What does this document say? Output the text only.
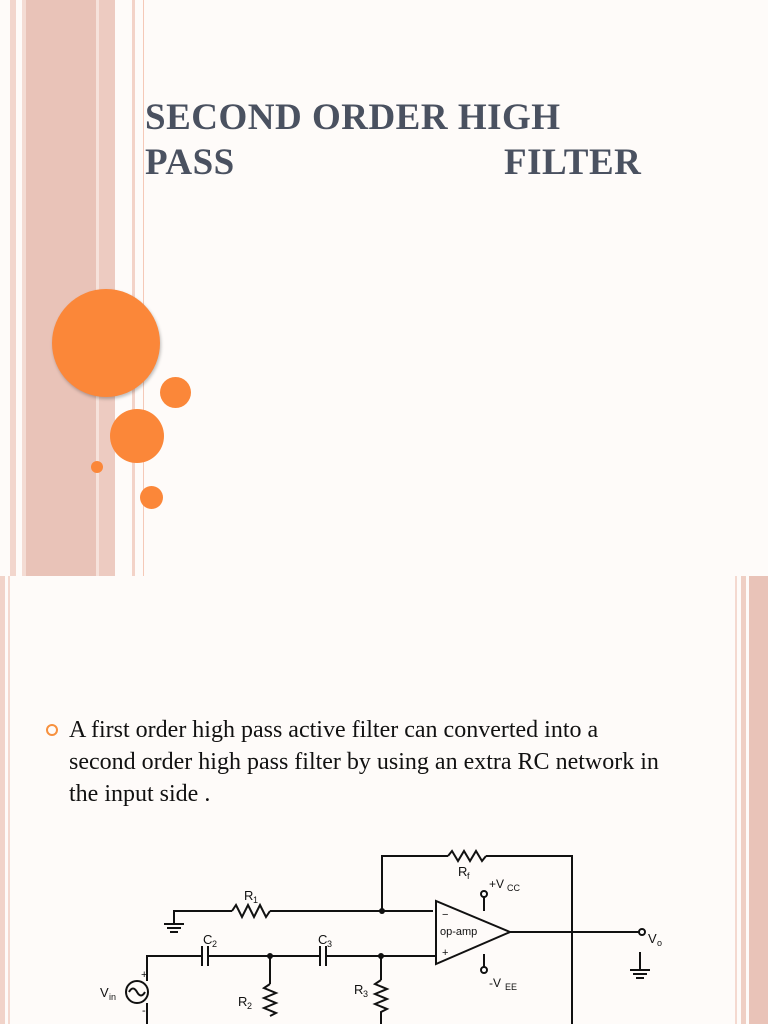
SECOND ORDER HIGH
PASS	FILTER
A first order high pass active filter can converted into a second order high pass filter by using an extra RC network in the input side .
R f
R 1
R 2
R 3
C 2	C 3
+V CC
-V EE
op-amp
−
+
V in
+
-
V o
